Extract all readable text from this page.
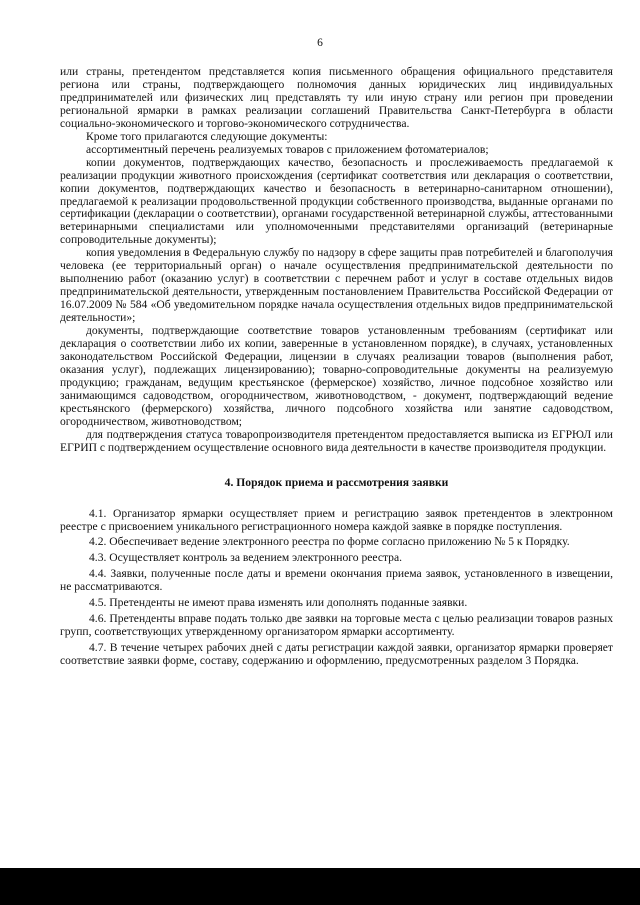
6

или страны, претендентом представляется копия письменного обращения официального представителя региона или страны, подтверждающего полномочия данных юридических лиц индивидуальных предпринимателей или физических лиц представлять ту или иную страну или регион при проведении региональной ярмарки в рамках реализации соглашений Правительства Санкт-Петербурга в области социально-экономического и торгово-экономического сотрудничества.

Кроме того прилагаются следующие документы:

ассортиментный перечень реализуемых товаров с приложением фотоматериалов;

копии документов, подтверждающих качество, безопасность и прослеживаемость предлагаемой к реализации продукции животного происхождения (сертификат соответствия или декларация о соответствии, копии документов, подтверждающих качество и безопасность в ветеринарно-санитарном отношении), предлагаемой к реализации продовольственной продукции собственного производства, выданные органами по сертификации (декларации о соответствии), органами государственной ветеринарной службы, аттестованными ветеринарными специалистами или уполномоченными представителями организаций (ветеринарные сопроводительные документы);

копия уведомления в Федеральную службу по надзору в сфере защиты прав потребителей и благополучия человека (ее территориальный орган) о начале осуществления предпринимательской деятельности по выполнению работ (оказанию услуг) в соответствии с перечнем работ и услуг в составе отдельных видов предпринимательской деятельности, утвержденным постановлением Правительства Российской Федерации от 16.07.2009 № 584 «Об уведомительном порядке начала осуществления отдельных видов предпринимательской деятельности»;

документы, подтверждающие соответствие товаров установленным требованиям (сертификат или декларация о соответствии либо их копии, заверенные в установленном порядке), в случаях, установленных законодательством Российской Федерации, лицензии в случаях реализации товаров (выполнения работ, оказания услуг), подлежащих лицензированию); товарно-сопроводительные документы на реализуемую продукцию; гражданам, ведущим крестьянское (фермерское) хозяйство, личное подсобное хозяйство или занимающимся садоводством, огородничеством, животноводством, - документ, подтверждающий ведение крестьянского (фермерского) хозяйства, личного подсобного хозяйства или занятие садоводством, огородничеством, животноводством;

для подтверждения статуса товаропроизводителя претендентом предоставляется выписка из ЕГРЮЛ или ЕГРИП с подтверждением осуществление основного вида деятельности в качестве производителя продукции.

4. Порядок приема и рассмотрения заявки

4.1. Организатор ярмарки осуществляет прием и регистрацию заявок претендентов в электронном реестре с присвоением уникального регистрационного номера каждой заявке в порядке поступления.

4.2. Обеспечивает ведение электронного реестра по форме согласно приложению № 5 к Порядку.

4.3. Осуществляет контроль за ведением электронного реестра.

4.4. Заявки, полученные после даты и времени окончания приема заявок, установленного в извещении, не рассматриваются.

4.5. Претенденты не имеют права изменять или дополнять поданные заявки.

4.6. Претенденты вправе подать только две заявки на торговые места с целью реализации товаров разных групп, соответствующих утвержденному организатором ярмарки ассортименту.

4.7. В течение четырех рабочих дней с даты регистрации каждой заявки, организатор ярмарки проверяет соответствие заявки форме, составу, содержанию и оформлению, предусмотренных разделом 3 Порядка.
